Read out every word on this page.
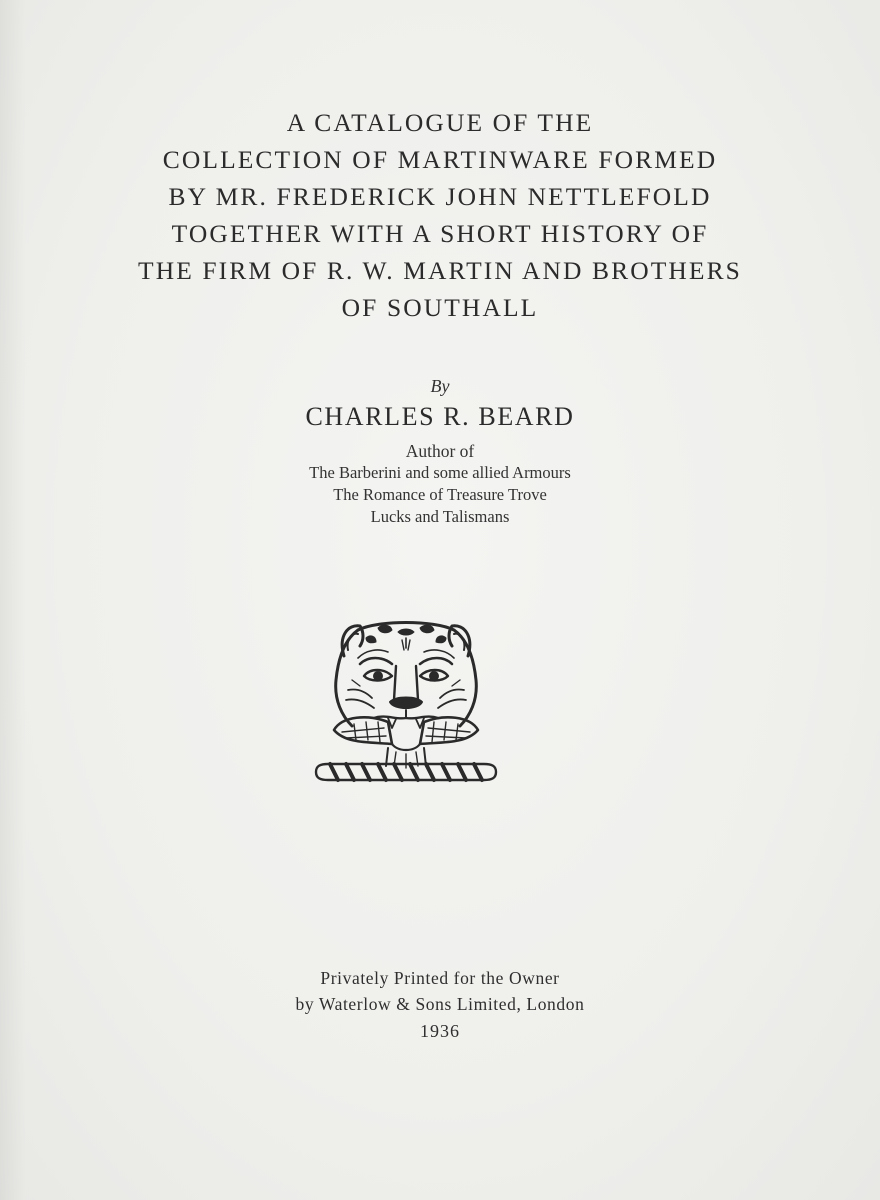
A CATALOGUE OF THE
COLLECTION OF MARTINWARE FORMED
BY MR. FREDERICK JOHN NETTLEFOLD
TOGETHER WITH A SHORT HISTORY OF
THE FIRM OF R. W. MARTIN AND BROTHERS
OF SOUTHALL
By
CHARLES R. BEARD
Author of
The Barberini and some allied Armours
The Romance of Treasure Trove
Lucks and Talismans
Privately Printed for the Owner
by Waterlow & Sons Limited, London
1936
